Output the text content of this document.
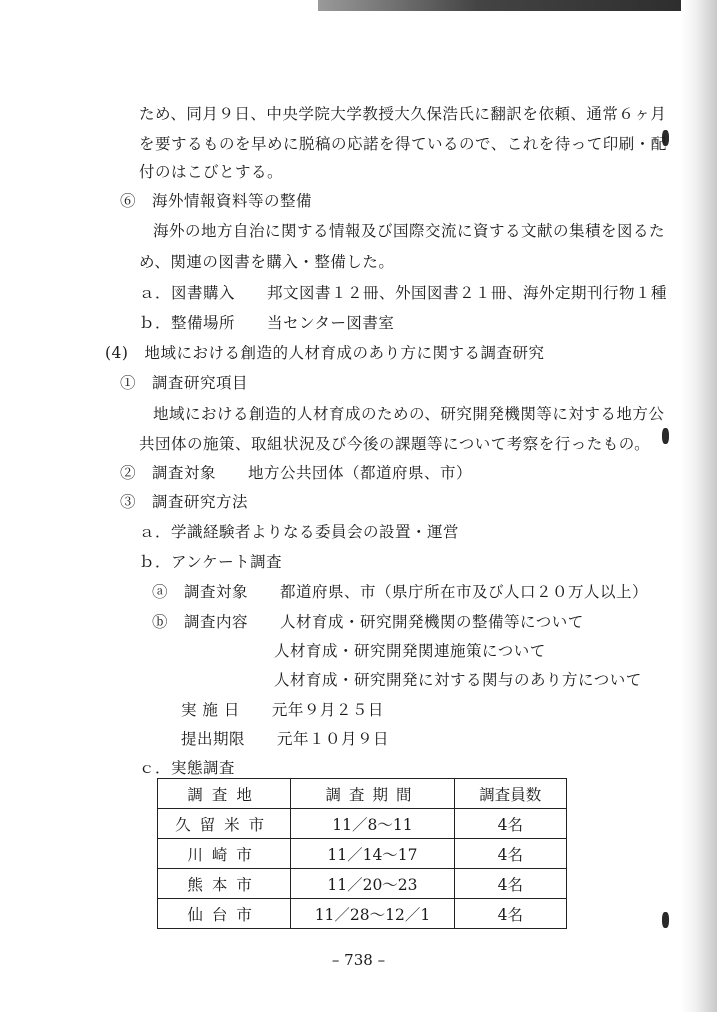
ため、同月９日、中央学院大学教授大久保浩氏に翻訳を依頼、通常６ヶ月
を要するものを早めに脱稿の応諾を得ているので、これを待って印刷・配
付のはこびとする。
⑥　海外情報資料等の整備
海外の地方自治に関する情報及び国際交流に資する文献の集積を図るた
め、関連の図書を購入・整備した。
ａ．図書購入　　邦文図書１２冊、外国図書２１冊、海外定期刊行物１種
ｂ．整備場所　　当センター図書室
(4)　地域における創造的人材育成のあり方に関する調査研究
①　調査研究項目
地域における創造的人材育成のための、研究開発機関等に対する地方公
共団体の施策、取組状況及び今後の課題等について考察を行ったもの。
②　調査対象　　地方公共団体（都道府県、市）
③　調査研究方法
ａ．学識経験者よりなる委員会の設置・運営
ｂ．アンケート調査
ⓐ　調査対象　　都道府県、市（県庁所在市及び人口２０万人以上）
ⓑ　調査内容　　人材育成・研究開発機関の整備等について
人材育成・研究開発関連施策について
人材育成・研究開発に対する関与のあり方について
実 施 日　　元年９月２５日
提出期限　　元年１０月９日
ｃ．実態調査
調査地	調査期間	調査員数
久留米市	11／8〜11	4名
川崎市	11／14〜17	4名
熊本市	11／20〜23	4名
仙台市	11／28〜12／1	4名
– 738 –
